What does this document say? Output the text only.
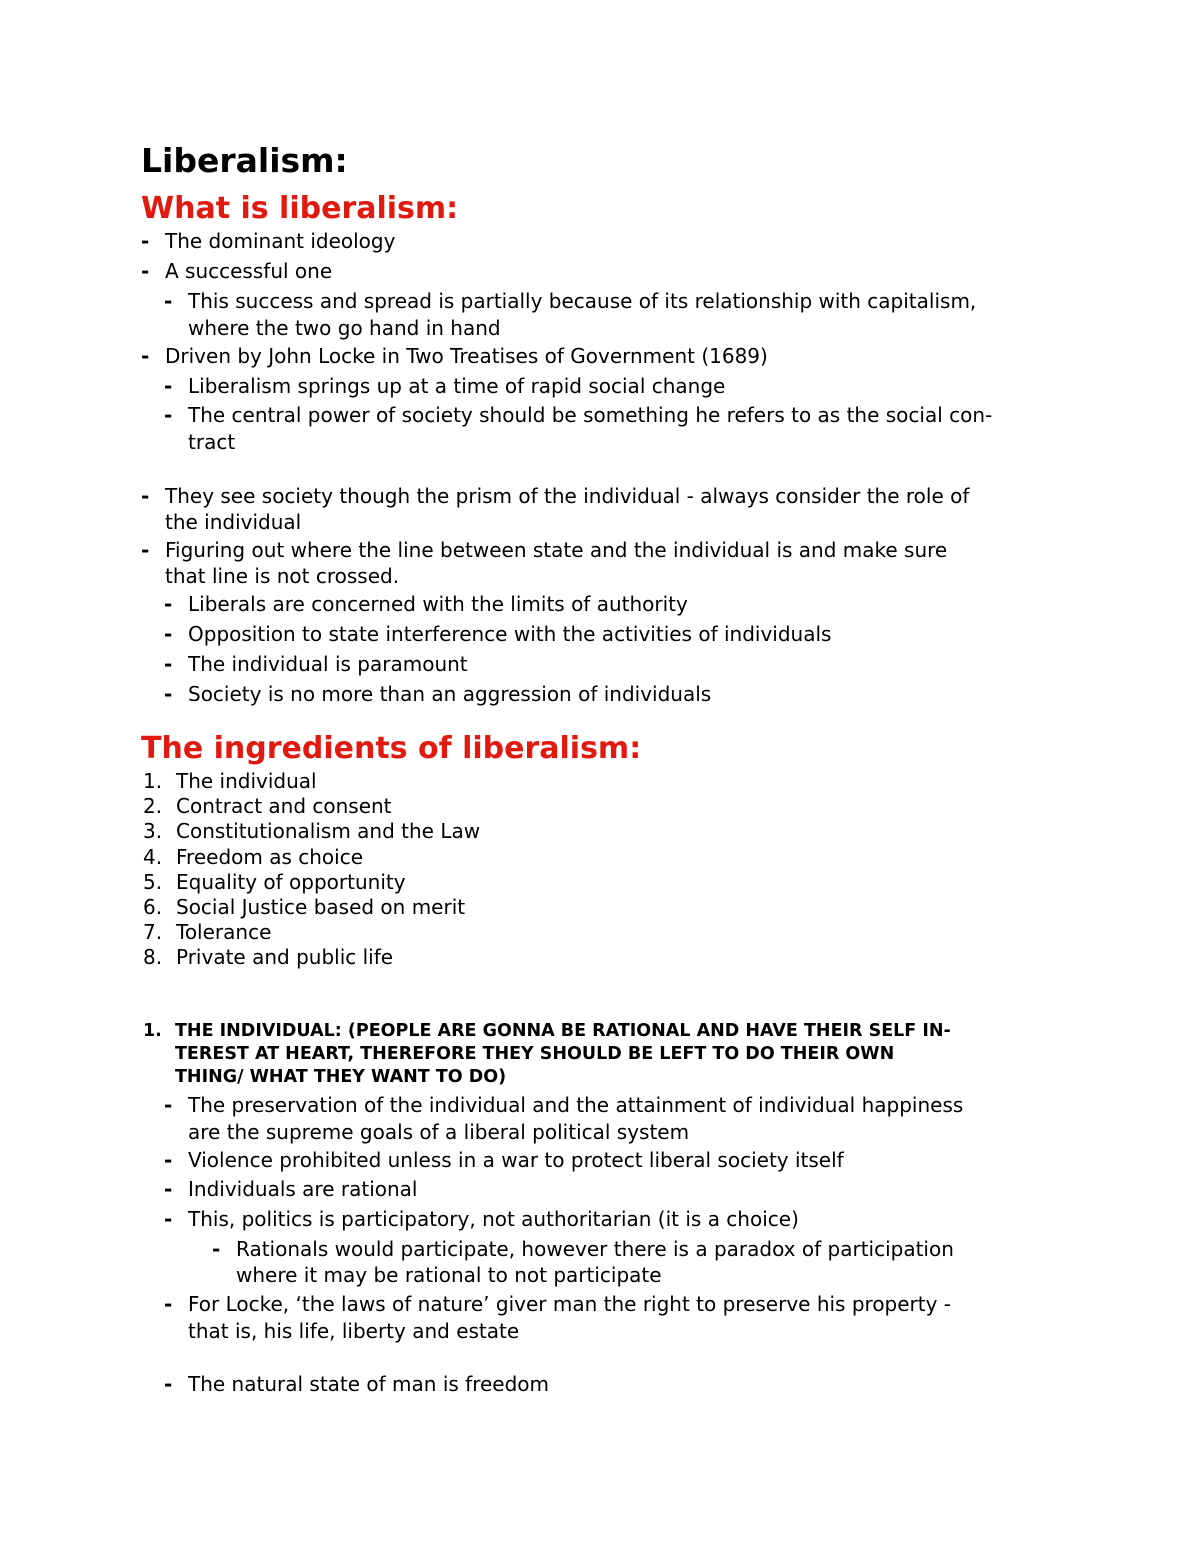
Liberalism:
What is liberalism:
- The dominant ideology
- A successful one
- This success and spread is partially because of its relationship with capitalism,
where the two go hand in hand
- Driven by John Locke in Two Treatises of Government (1689)
- Liberalism springs up at a time of rapid social change
- The central power of society should be something he refers to as the social con-
tract
- They see society though the prism of the individual - always consider the role of
the individual
- Figuring out where the line between state and the individual is and make sure
that line is not crossed.
- Liberals are concerned with the limits of authority
- Opposition to state interference with the activities of individuals
- The individual is paramount
- Society is no more than an aggression of individuals
The ingredients of liberalism:
1. The individual
2. Contract and consent
3. Constitutionalism and the Law
4. Freedom as choice
5. Equality of opportunity
6. Social Justice based on merit
7. Tolerance
8. Private and public life
1. THE INDIVIDUAL: (PEOPLE ARE GONNA BE RATIONAL AND HAVE THEIR SELF IN-
TEREST AT HEART, THEREFORE THEY SHOULD BE LEFT TO DO THEIR OWN
THING/ WHAT THEY WANT TO DO)
- The preservation of the individual and the attainment of individual happiness
are the supreme goals of a liberal political system
- Violence prohibited unless in a war to protect liberal society itself
- Individuals are rational
- This, politics is participatory, not authoritarian (it is a choice)
- Rationals would participate, however there is a paradox of participation
where it may be rational to not participate
- For Locke, ‘the laws of nature’ giver man the right to preserve his property -
that is, his life, liberty and estate
- The natural state of man is freedom
